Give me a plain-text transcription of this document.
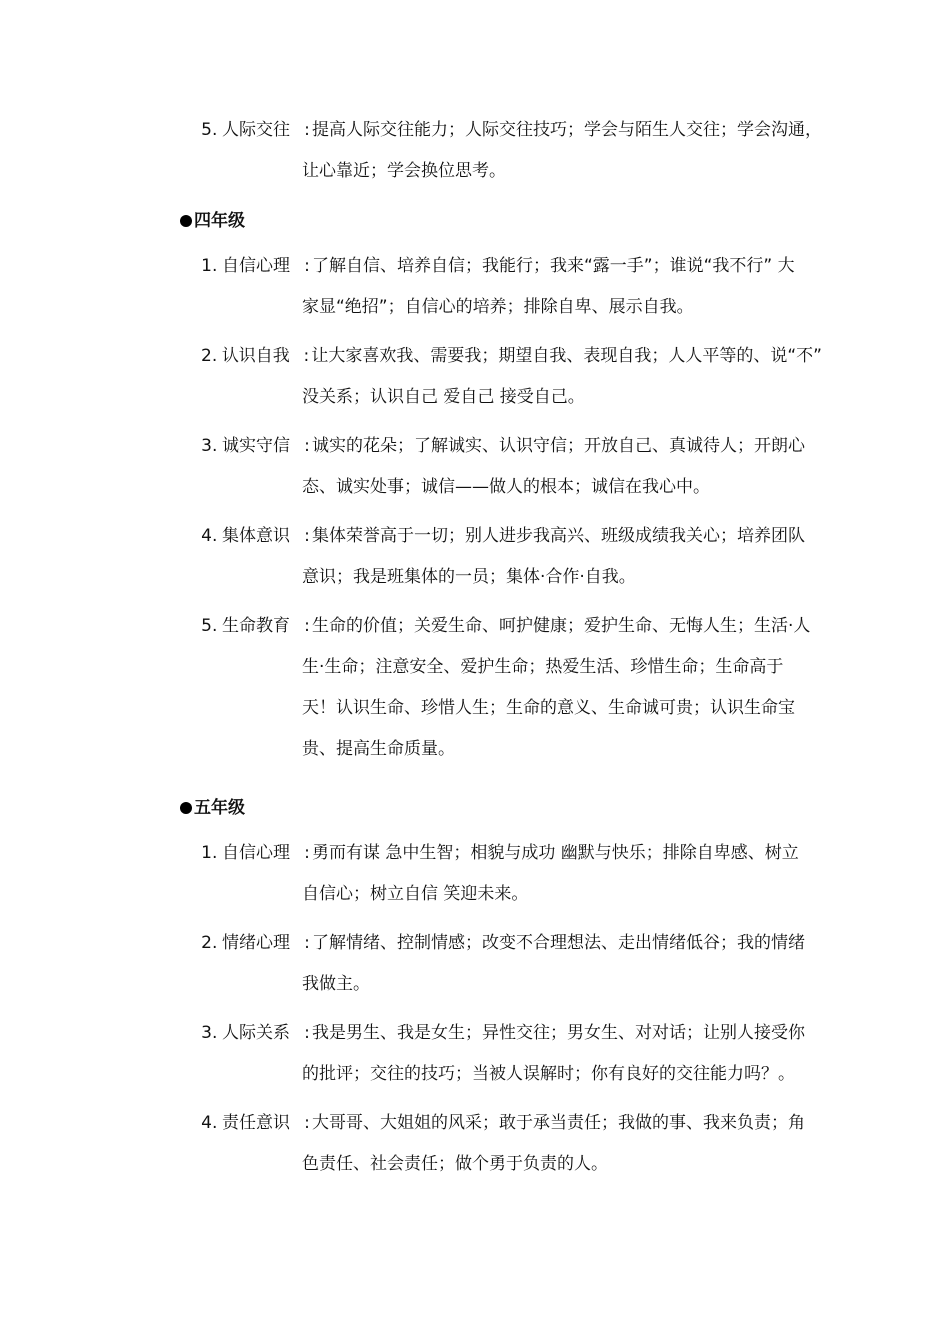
5 . 人际交往 : 提高人际交往能力；人际交往技巧；学会与陌生人交往；学会沟通，
让心靠近；学会换位思考。
四年级
1 . 自信心理 : 了解自信、培养自信；我能行；我来“露一手”；谁说“我不行” 大
家显“绝招”；自信心的培养；排除自卑、展示自我。
2 . 认识自我 : 让大家喜欢我、需要我；期望自我、表现自我；人人平等的、说“不”
没关系；认识自己 爱自己 接受自己。
3 . 诚实守信 : 诚实的花朵；了解诚实、认识守信；开放自己、真诚待人；开朗心
态、诚实处事；诚信——做人的根本；诚信在我心中。
4 . 集体意识 : 集体荣誉高于一切；别人进步我高兴、班级成绩我关心；培养团队
意识；我是班集体的一员；集体·合作·自我。
5 . 生命教育 : 生命的价值；关爱生命、呵护健康；爱护生命、无悔人生；生活·人
生·生命；注意安全、爱护生命；热爱生活、珍惜生命；生命高于
天！认识生命、珍惜人生；生命的意义、生命诚可贵；认识生命宝
贵、提高生命质量。
五年级
1 . 自信心理 : 勇而有谋 急中生智；相貌与成功 幽默与快乐；排除自卑感、树立
自信心；树立自信 笑迎未来。
2 . 情绪心理 : 了解情绪、控制情感；改变不合理想法、走出情绪低谷；我的情绪
我做主。
3 . 人际关系 : 我是男生、我是女生；异性交往；男女生、对对话；让别人接受你
的批评；交往的技巧；当被人误解时；你有良好的交往能力吗？。
4 . 责任意识 : 大哥哥、大姐姐的风采；敢于承当责任；我做的事、我来负责；角
色责任、社会责任；做个勇于负责的人。
